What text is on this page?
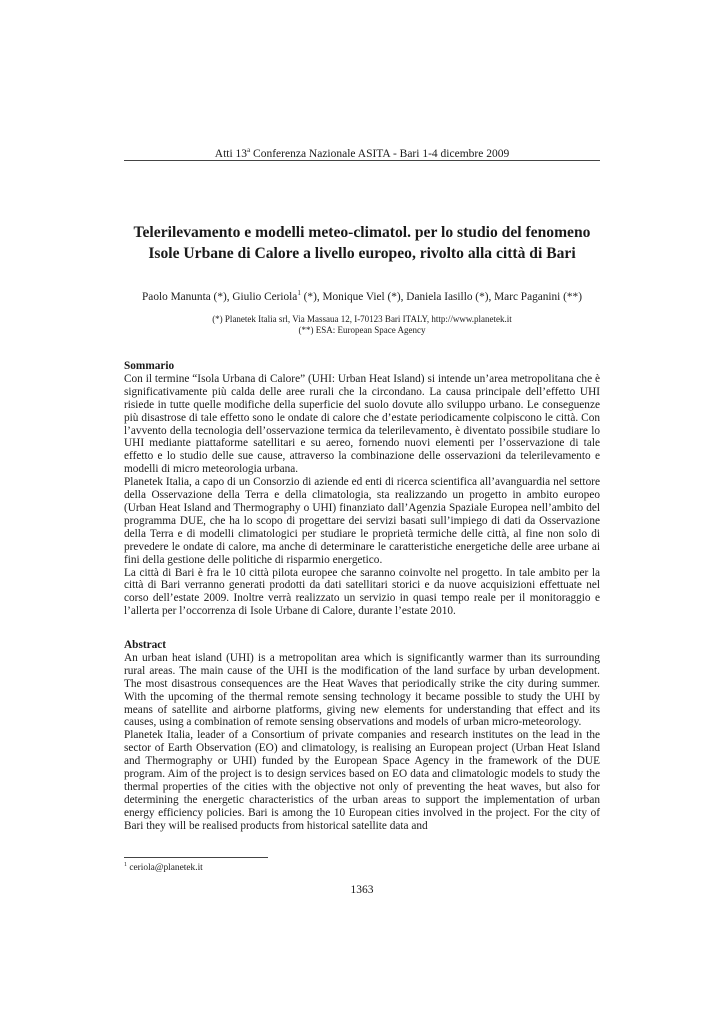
Atti 13$^a$ Conferenza Nazionale ASITA - Bari 1-4 dicembre 2009
Telerilevamento e modelli meteo-climatol. per lo studio del fenomeno
Isole Urbane di Calore a livello europeo, rivolto alla città di Bari
Paolo Manunta (*), Giulio Ceriola$^1$ (*), Monique Viel (*), Daniela Iasillo (*), Marc Paganini (**)
(*) Planetek Italia srl, Via Massaua 12, I-70123 Bari ITALY, http://www.planetek.it
(**) ESA: European Space Agency
Sommario

Con il termine “Isola Urbana di Calore” (UHI: Urban Heat Island) si intende un’area metropolitana che è significativamente più calda delle aree rurali che la circondano. La causa principale dell’effetto UHI risiede in tutte quelle modifiche della superficie del suolo dovute allo sviluppo urbano. Le conseguenze più disastrose di tale effetto sono le ondate di calore che d’estate periodicamente colpiscono le città. Con l’avvento della tecnologia dell’osservazione termica da telerilevamento, è diventato possibile studiare lo UHI mediante piattaforme satellitari e su aereo, fornendo nuovi elementi per l’osservazione di tale effetto e lo studio delle sue cause, attraverso la combinazione delle osservazioni da telerilevamento e modelli di micro meteorologia urbana.

Planetek Italia, a capo di un Consorzio di aziende ed enti di ricerca scientifica all’avanguardia nel settore della Osservazione della Terra e della climatologia, sta realizzando un progetto in ambito europeo (Urban Heat Island and Thermography o UHI) finanziato dall’Agenzia Spaziale Europea nell’ambito del programma DUE, che ha lo scopo di progettare dei servizi basati sull’impiego di dati da Osservazione della Terra e di modelli climatologici per studiare le proprietà termiche delle città, al fine non solo di prevedere le ondate di calore, ma anche di determinare le caratteristiche energetiche delle aree urbane ai fini della gestione delle politiche di risparmio energetico.

La città di Bari è fra le 10 città pilota europee che saranno coinvolte nel progetto. In tale ambito per la città di Bari verranno generati prodotti da dati satellitari storici e da nuove acquisizioni effettuate nel corso dell’estate 2009. Inoltre verrà realizzato un servizio in quasi tempo reale per il monitoraggio e l’allerta per l’occorrenza di Isole Urbane di Calore, durante l’estate 2010.

Abstract

An urban heat island (UHI) is a metropolitan area which is significantly warmer than its surrounding rural areas. The main cause of the UHI is the modification of the land surface by urban development. The most disastrous consequences are the Heat Waves that periodically strike the city during summer. With the upcoming of the thermal remote sensing technology it became possible to study the UHI by means of satellite and airborne platforms, giving new elements for understanding that effect and its causes, using a combination of remote sensing observations and models of urban micro-meteorology.

Planetek Italia, leader of a Consortium of private companies and research institutes on the lead in the sector of Earth Observation (EO) and climatology, is realising an European project (Urban Heat Island and Thermography or UHI) funded by the European Space Agency in the framework of the DUE program. Aim of the project is to design services based on EO data and climatologic models to study the thermal properties of the cities with the objective not only of preventing the heat waves, but also for determining the energetic characteristics of the urban areas to support the implementation of urban energy efficiency policies. Bari is among the 10 European cities involved in the project. For the city of Bari they will be realised products from historical satellite data and

$^1$ ceriola@planetek.it
1363
